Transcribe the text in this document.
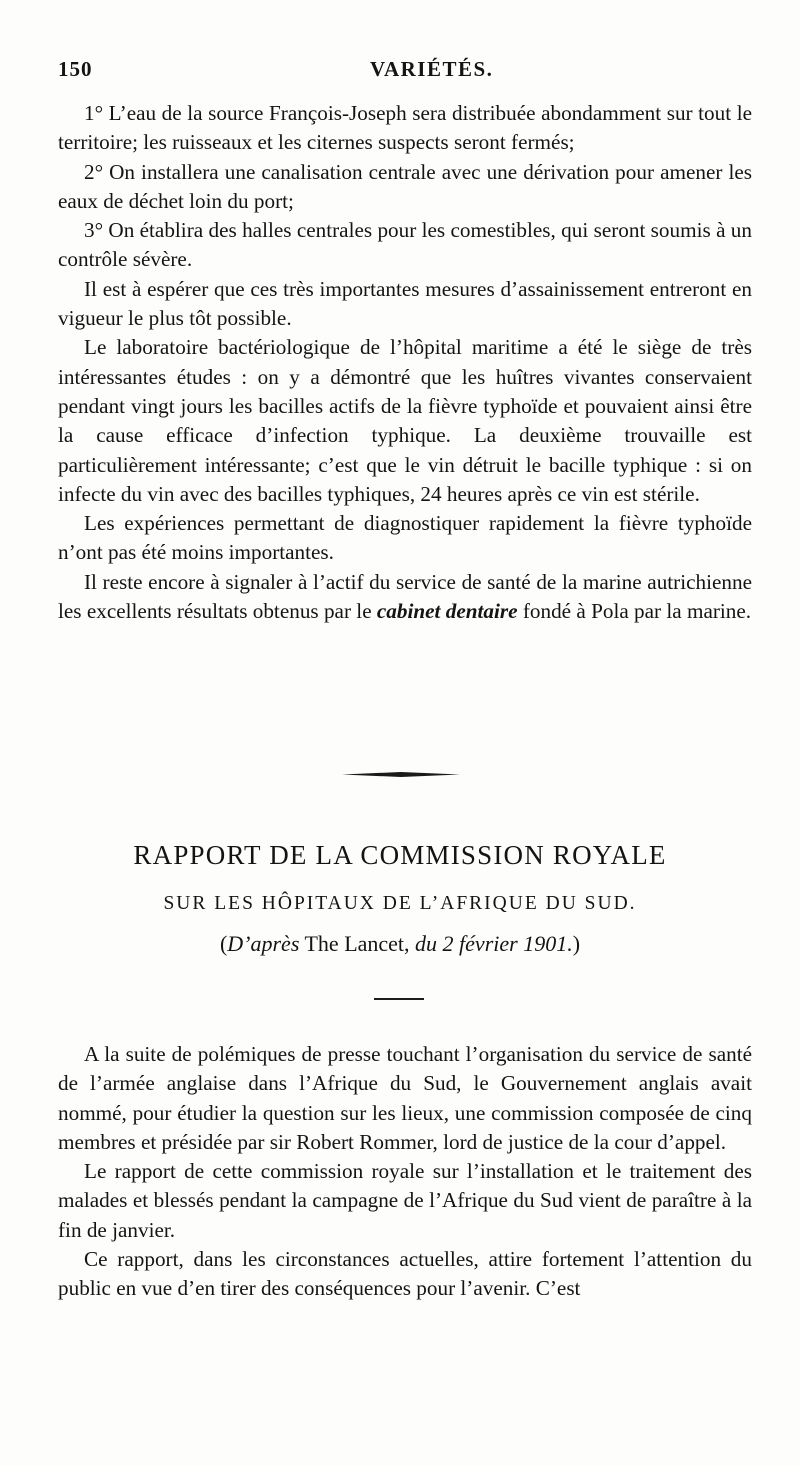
150	VARIÉTÉS.

1° L’eau de la source François-Joseph sera distribuée abondamment sur tout le territoire; les ruisseaux et les citernes suspects seront fermés;

2° On installera une canalisation centrale avec une dérivation pour amener les eaux de déchet loin du port;

3° On établira des halles centrales pour les comestibles, qui seront soumis à un contrôle sévère.

Il est à espérer que ces très importantes mesures d’assainissement entreront en vigueur le plus tôt possible.

Le laboratoire bactériologique de l’hôpital maritime a été le siège de très intéressantes études : on y a démontré que les huîtres vivantes conservaient pendant vingt jours les bacilles actifs de la fièvre typhoïde et pouvaient ainsi être la cause efficace d’infection typhique. La deuxième trouvaille est particulièrement intéressante; c’est que le vin détruit le bacille typhique : si on infecte du vin avec des bacilles typhiques, 24 heures après ce vin est stérile.

Les expériences permettant de diagnostiquer rapidement la fièvre typhoïde n’ont pas été moins importantes.

Il reste encore à signaler à l’actif du service de santé de la marine autrichienne les excellents résultats obtenus par le cabinet dentaire fondé à Pola par la marine.

RAPPORT DE LA COMMISSION ROYALE
SUR LES HÔPITAUX DE L’AFRIQUE DU SUD.
(D’après The Lancet, du 2 février 1901.)

A la suite de polémiques de presse touchant l’organisation du service de santé de l’armée anglaise dans l’Afrique du Sud, le Gouvernement anglais avait nommé, pour étudier la question sur les lieux, une commission composée de cinq membres et présidée par sir Robert Rommer, lord de justice de la cour d’appel.

Le rapport de cette commission royale sur l’installation et le traitement des malades et blessés pendant la campagne de l’Afrique du Sud vient de paraître à la fin de janvier.

Ce rapport, dans les circonstances actuelles, attire fortement l’attention du public en vue d’en tirer des conséquences pour l’avenir. C’est
